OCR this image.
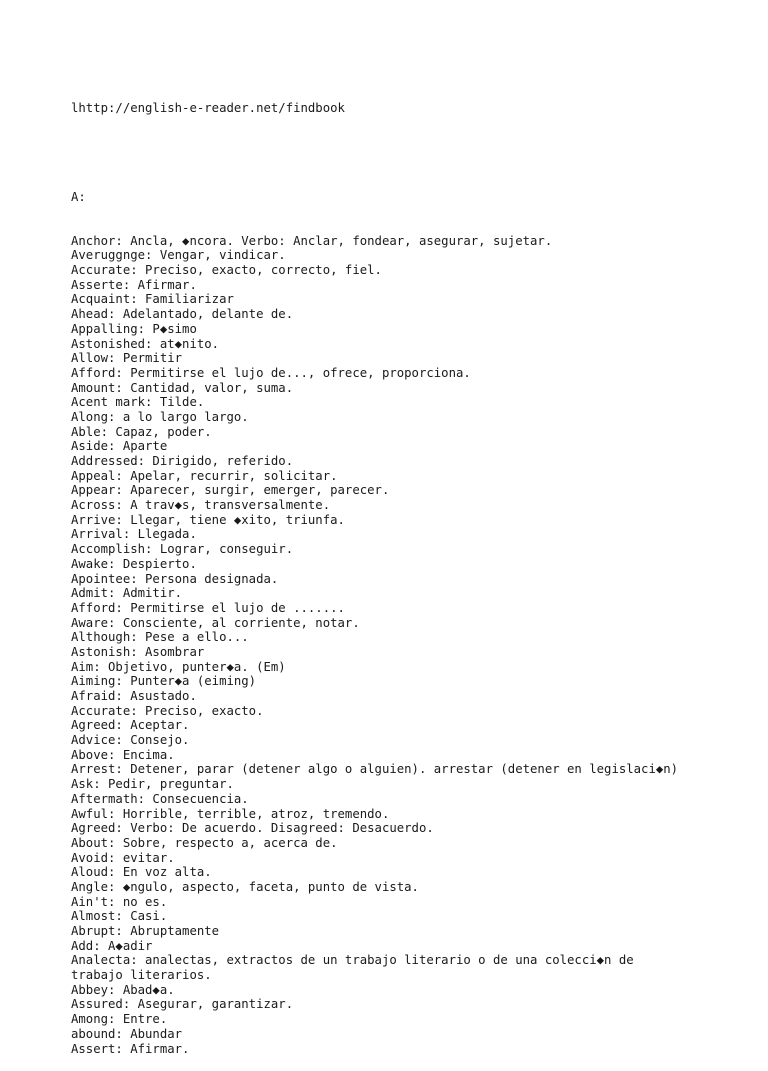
lhttp://english-e-reader.net/findbook

A:

Anchor: Ancla, ◆ncora. Verbo: Anclar, fondear, asegurar, sujetar.
Averuggnge: Vengar, vindicar.
Accurate: Preciso, exacto, correcto, fiel.
Asserte: Afirmar.
Acquaint: Familiarizar
Ahead: Adelantado, delante de.
Appalling: P◆simo
Astonished: at◆nito.
Allow: Permitir
Afford: Permitirse el lujo de..., ofrece, proporciona.
Amount: Cantidad, valor, suma.
Acent mark: Tilde.
Along: a lo largo largo.
Able: Capaz, poder.
Aside: Aparte
Addressed: Dirigido, referido.
Appeal: Apelar, recurrir, solicitar.
Appear: Aparecer, surgir, emerger, parecer.
Across: A trav◆s, transversalmente.
Arrive: Llegar, tiene ◆xito, triunfa.
Arrival: Llegada.
Accomplish: Lograr, conseguir.
Awake: Despierto.
Apointee: Persona designada.
Admit: Admitir.
Afford: Permitirse el lujo de .......
Aware: Consciente, al corriente, notar.
Although: Pese a ello...
Astonish: Asombrar
Aim: Objetivo, punter◆a. (Em)
Aiming: Punter◆a (eiming)
Afraid: Asustado.
Accurate: Preciso, exacto.
Agreed: Aceptar.
Advice: Consejo.
Above: Encima.
Arrest: Detener, parar (detener algo o alguien). arrestar (detener en legislaci◆n)
Ask: Pedir, preguntar.
Aftermath: Consecuencia.
Awful: Horrible, terrible, atroz, tremendo.
Agreed: Verbo: De acuerdo. Disagreed: Desacuerdo.
About: Sobre, respecto a, acerca de.
Avoid: evitar.
Aloud: En voz alta.
Angle: ◆ngulo, aspecto, faceta, punto de vista.
Ain't: no es.
Almost: Casi.
Abrupt: Abruptamente
Add: A◆adir
Analecta: analectas, extractos de un trabajo literario o de una colecci◆n de
trabajo literarios.
Abbey: Abad◆a.
Assured: Asegurar, garantizar.
Among: Entre.
abound: Abundar
Assert: Afirmar.
